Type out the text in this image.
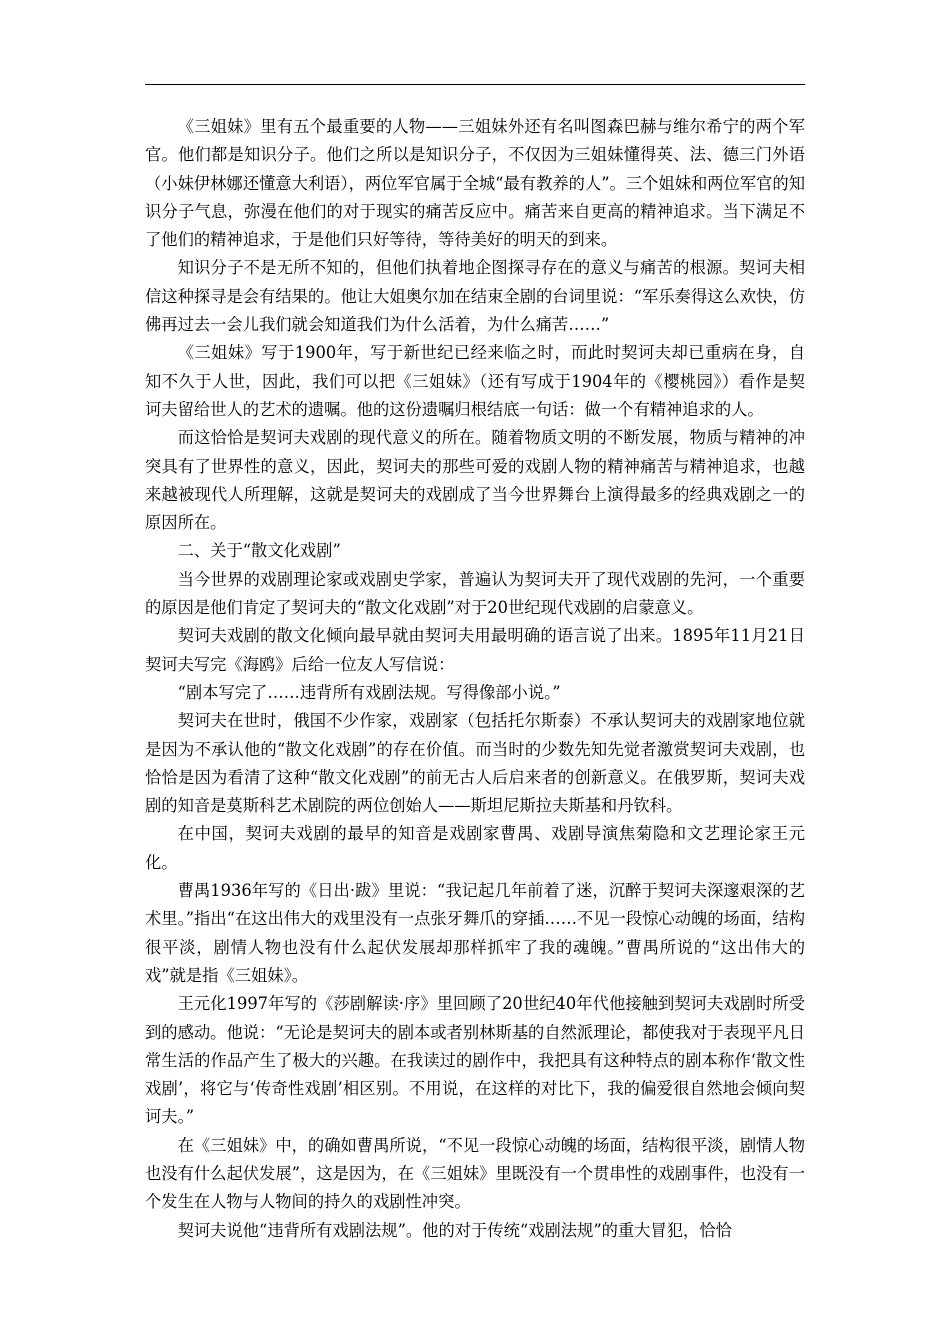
《三姐妹》里有五个最重要的人物——三姐妹外还有名叫图森巴赫与维尔希宁的两个军官。他们都是知识分子。他们之所以是知识分子，不仅因为三姐妹懂得英、法、德三门外语（小妹伊林娜还懂意大利语），两位军官属于全城“最有教养的人”。三个姐妹和两位军官的知识分子气息，弥漫在他们的对于现实的痛苦反应中。痛苦来自更高的精神追求。当下满足不了他们的精神追求，于是他们只好等待，等待美好的明天的到来。

知识分子不是无所不知的，但他们执着地企图探寻存在的意义与痛苦的根源。契诃夫相信这种探寻是会有结果的。他让大姐奥尔加在结束全剧的台词里说：“军乐奏得这么欢快，仿佛再过去一会儿我们就会知道我们为什么活着，为什么痛苦……”

《三姐妹》写于1900年，写于新世纪已经来临之时，而此时契诃夫却已重病在身，自知不久于人世，因此，我们可以把《三姐妹》（还有写成于1904年的《樱桃园》）看作是契诃夫留给世人的艺术的遗嘱。他的这份遗嘱归根结底一句话：做一个有精神追求的人。

而这恰恰是契诃夫戏剧的现代意义的所在。随着物质文明的不断发展，物质与精神的冲突具有了世界性的意义，因此，契诃夫的那些可爱的戏剧人物的精神痛苦与精神追求，也越来越被现代人所理解，这就是契诃夫的戏剧成了当今世界舞台上演得最多的经典戏剧之一的原因所在。

二、关于“散文化戏剧”

当今世界的戏剧理论家或戏剧史学家，普遍认为契诃夫开了现代戏剧的先河，一个重要的原因是他们肯定了契诃夫的“散文化戏剧”对于20世纪现代戏剧的启蒙意义。

契诃夫戏剧的散文化倾向最早就由契诃夫用最明确的语言说了出来。1895年11月21日契诃夫写完《海鸥》后给一位友人写信说：

“剧本写完了……违背所有戏剧法规。写得像部小说。”

契诃夫在世时，俄国不少作家，戏剧家（包括托尔斯泰）不承认契诃夫的戏剧家地位就是因为不承认他的“散文化戏剧”的存在价值。而当时的少数先知先觉者激赏契诃夫戏剧，也恰恰是因为看清了这种“散文化戏剧”的前无古人后启来者的创新意义。在俄罗斯，契诃夫戏剧的知音是莫斯科艺术剧院的两位创始人——斯坦尼斯拉夫斯基和丹钦科。

在中国，契诃夫戏剧的最早的知音是戏剧家曹禺、戏剧导演焦菊隐和文艺理论家王元化。

曹禺1936年写的《日出·跋》里说：“我记起几年前着了迷，沉醉于契诃夫深邃艰深的艺术里。”指出“在这出伟大的戏里没有一点张牙舞爪的穿插……不见一段惊心动魄的场面，结构很平淡，剧情人物也没有什么起伏发展却那样抓牢了我的魂魄。”曹禺所说的“这出伟大的戏”就是指《三姐妹》。

王元化1997年写的《莎剧解读·序》里回顾了20世纪40年代他接触到契诃夫戏剧时所受到的感动。他说：“无论是契诃夫的剧本或者别林斯基的自然派理论，都使我对于表现平凡日常生活的作品产生了极大的兴趣。在我读过的剧作中，我把具有这种特点的剧本称作‘散文性戏剧’，将它与‘传奇性戏剧’相区别。不用说，在这样的对比下，我的偏爱很自然地会倾向契诃夫。”

在《三姐妹》中，的确如曹禺所说，“不见一段惊心动魄的场面，结构很平淡，剧情人物也没有什么起伏发展”，这是因为，在《三姐妹》里既没有一个贯串性的戏剧事件，也没有一个发生在人物与人物间的持久的戏剧性冲突。

契诃夫说他“违背所有戏剧法规”。他的对于传统“戏剧法规”的重大冒犯，恰恰
